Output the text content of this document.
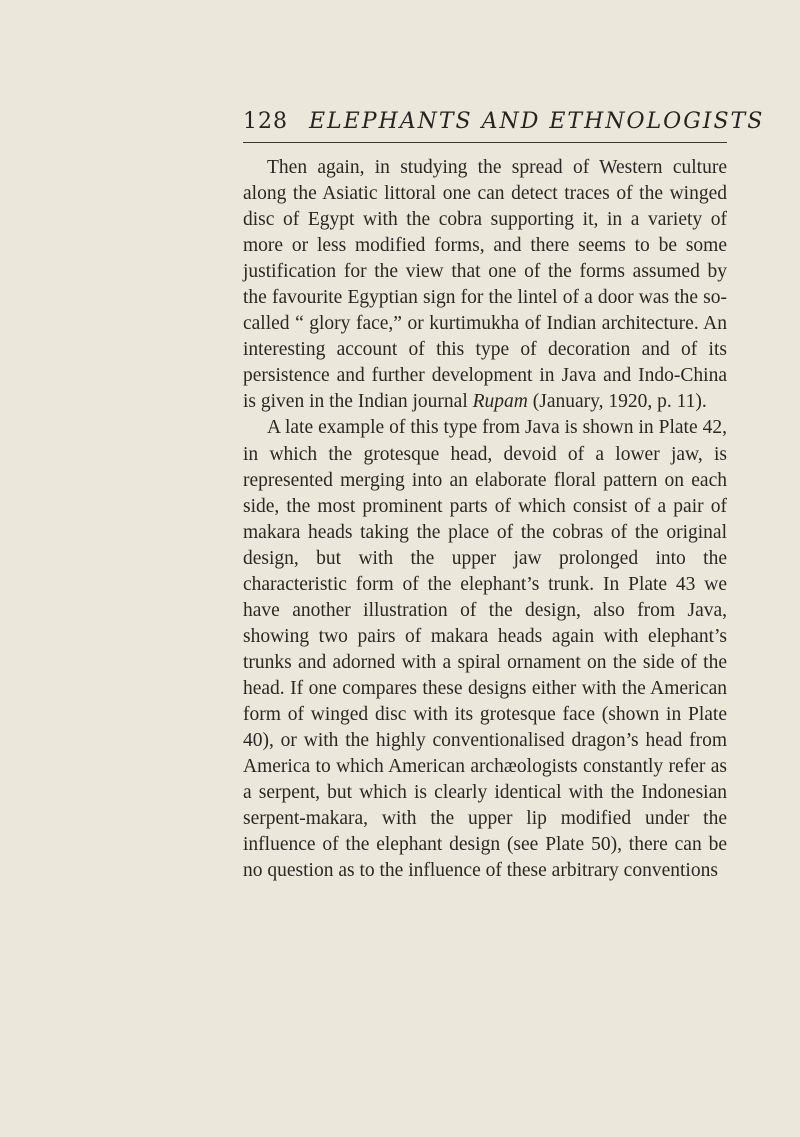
128 ELEPHANTS AND ETHNOLOGISTS

Then again, in studying the spread of Western culture along the Asiatic littoral one can detect traces of the winged disc of Egypt with the cobra supporting it, in a variety of more or less modified forms, and there seems to be some justification for the view that one of the forms assumed by the favourite Egyptian sign for the lintel of a door was the so-called “ glory face,” or kurtimukha of Indian architecture. An interesting account of this type of decoration and of its persistence and further development in Java and Indo-China is given in the Indian journal Rupam (January, 1920, p. 11).

A late example of this type from Java is shown in Plate 42, in which the grotesque head, devoid of a lower jaw, is represented merging into an elaborate floral pattern on each side, the most prominent parts of which consist of a pair of makara heads taking the place of the cobras of the original design, but with the upper jaw prolonged into the characteristic form of the elephant’s trunk. In Plate 43 we have another illustration of the design, also from Java, showing two pairs of makara heads again with elephant’s trunks and adorned with a spiral ornament on the side of the head. If one compares these designs either with the American form of winged disc with its grotesque face (shown in Plate 40), or with the highly conventionalised dragon’s head from America to which American archæologists constantly refer as a serpent, but which is clearly identical with the Indonesian serpent-makara, with the upper lip modified under the influence of the elephant design (see Plate 50), there can be no question as to the influence of these arbitrary conventions
